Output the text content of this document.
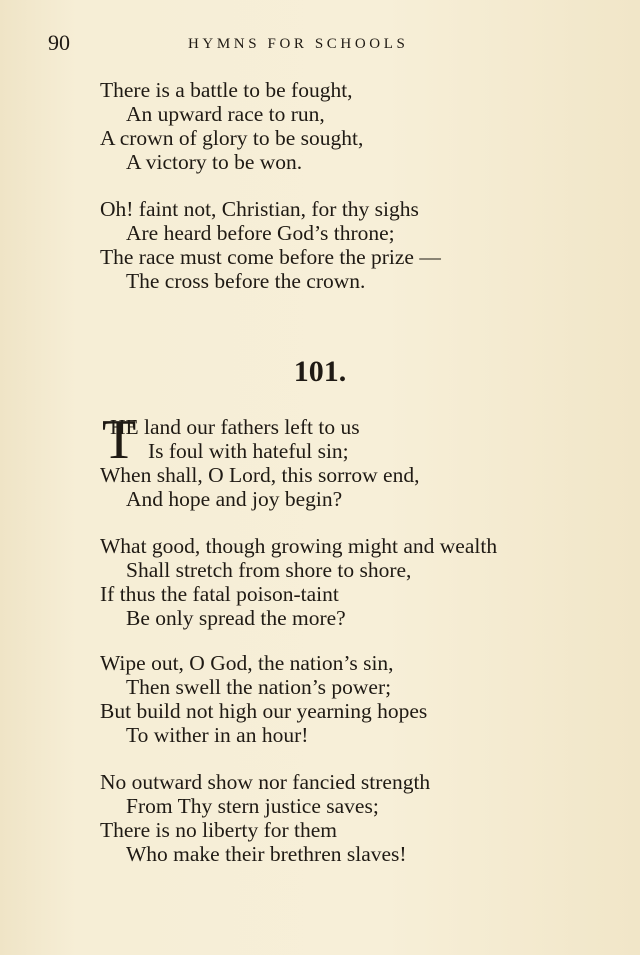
90	HYMNS FOR SCHOOLS
There is a battle to be fought,
An upward race to run,
A crown of glory to be sought,
A victory to be won.
Oh! faint not, Christian, for thy sighs
Are heard before God’s throne;
The race must come before the prize —
The cross before the crown.
101.
T
HE land our fathers left to us
Is foul with hateful sin;
When shall, O Lord, this sorrow end,
And hope and joy begin?
What good, though growing might and wealth
Shall stretch from shore to shore,
If thus the fatal poison-taint
Be only spread the more?
Wipe out, O God, the nation’s sin,
Then swell the nation’s power;
But build not high our yearning hopes
To wither in an hour!
No outward show nor fancied strength
From Thy stern justice saves;
There is no liberty for them
Who make their brethren slaves!
